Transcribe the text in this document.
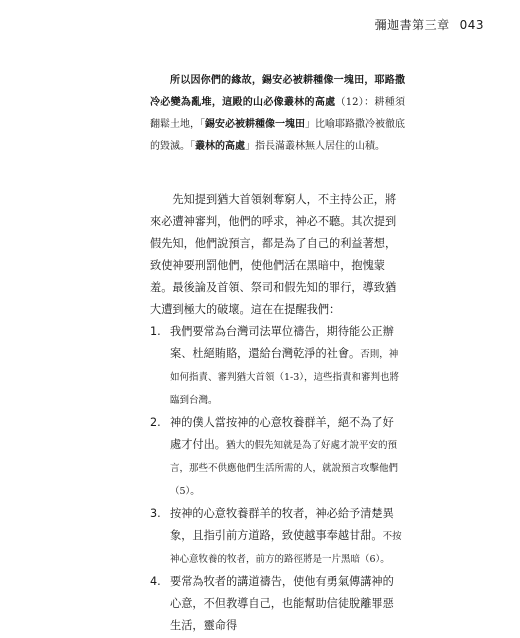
彌迦書第三章 043

所以因你們的緣故，錫安必被耕種像一塊田，耶路撒冷必變為亂堆，這殿的山必像叢林的高處（12）：耕種須翻鬆土地，「錫安必被耕種像一塊田」比喻耶路撒冷被徹底的毀滅。「叢林的高處」指長滿叢林無人居住的山積。

先知提到猶大首領剝奪窮人，不主持公正，將來必遭神審判，他們的呼求，神必不聽。其次提到假先知，他們說預言，都是為了自己的利益著想，致使神要刑罰他們，使他們活在黑暗中，抱愧蒙羞。最後論及首領、祭司和假先知的罪行，導致猶大遭到極大的破壞。這在在提醒我們：

1. 我們要常為台灣司法單位禱告，期待能公正辦案、杜絕賄賂，還給台灣乾淨的社會。否則，神如何指責、審判猶大首領（1-3），這些指責和審判也將臨到台灣。
2. 神的僕人當按神的心意牧養群羊，絕不為了好處才付出。猶大的假先知就是為了好處才說平安的預言，那些不供應他們生活所需的人，就說預言攻擊他們（5）。
3. 按神的心意牧養群羊的牧者，神必給予清楚異象，且指引前方道路，致使越事奉越甘甜。不按神心意牧養的牧者，前方的路徑將是一片黑暗（6）。
4. 要常為牧者的講道禱告，使他有勇氣傳講神的心意，不但教導自己，也能幫助信徒脫離罪惡生活，靈命得
